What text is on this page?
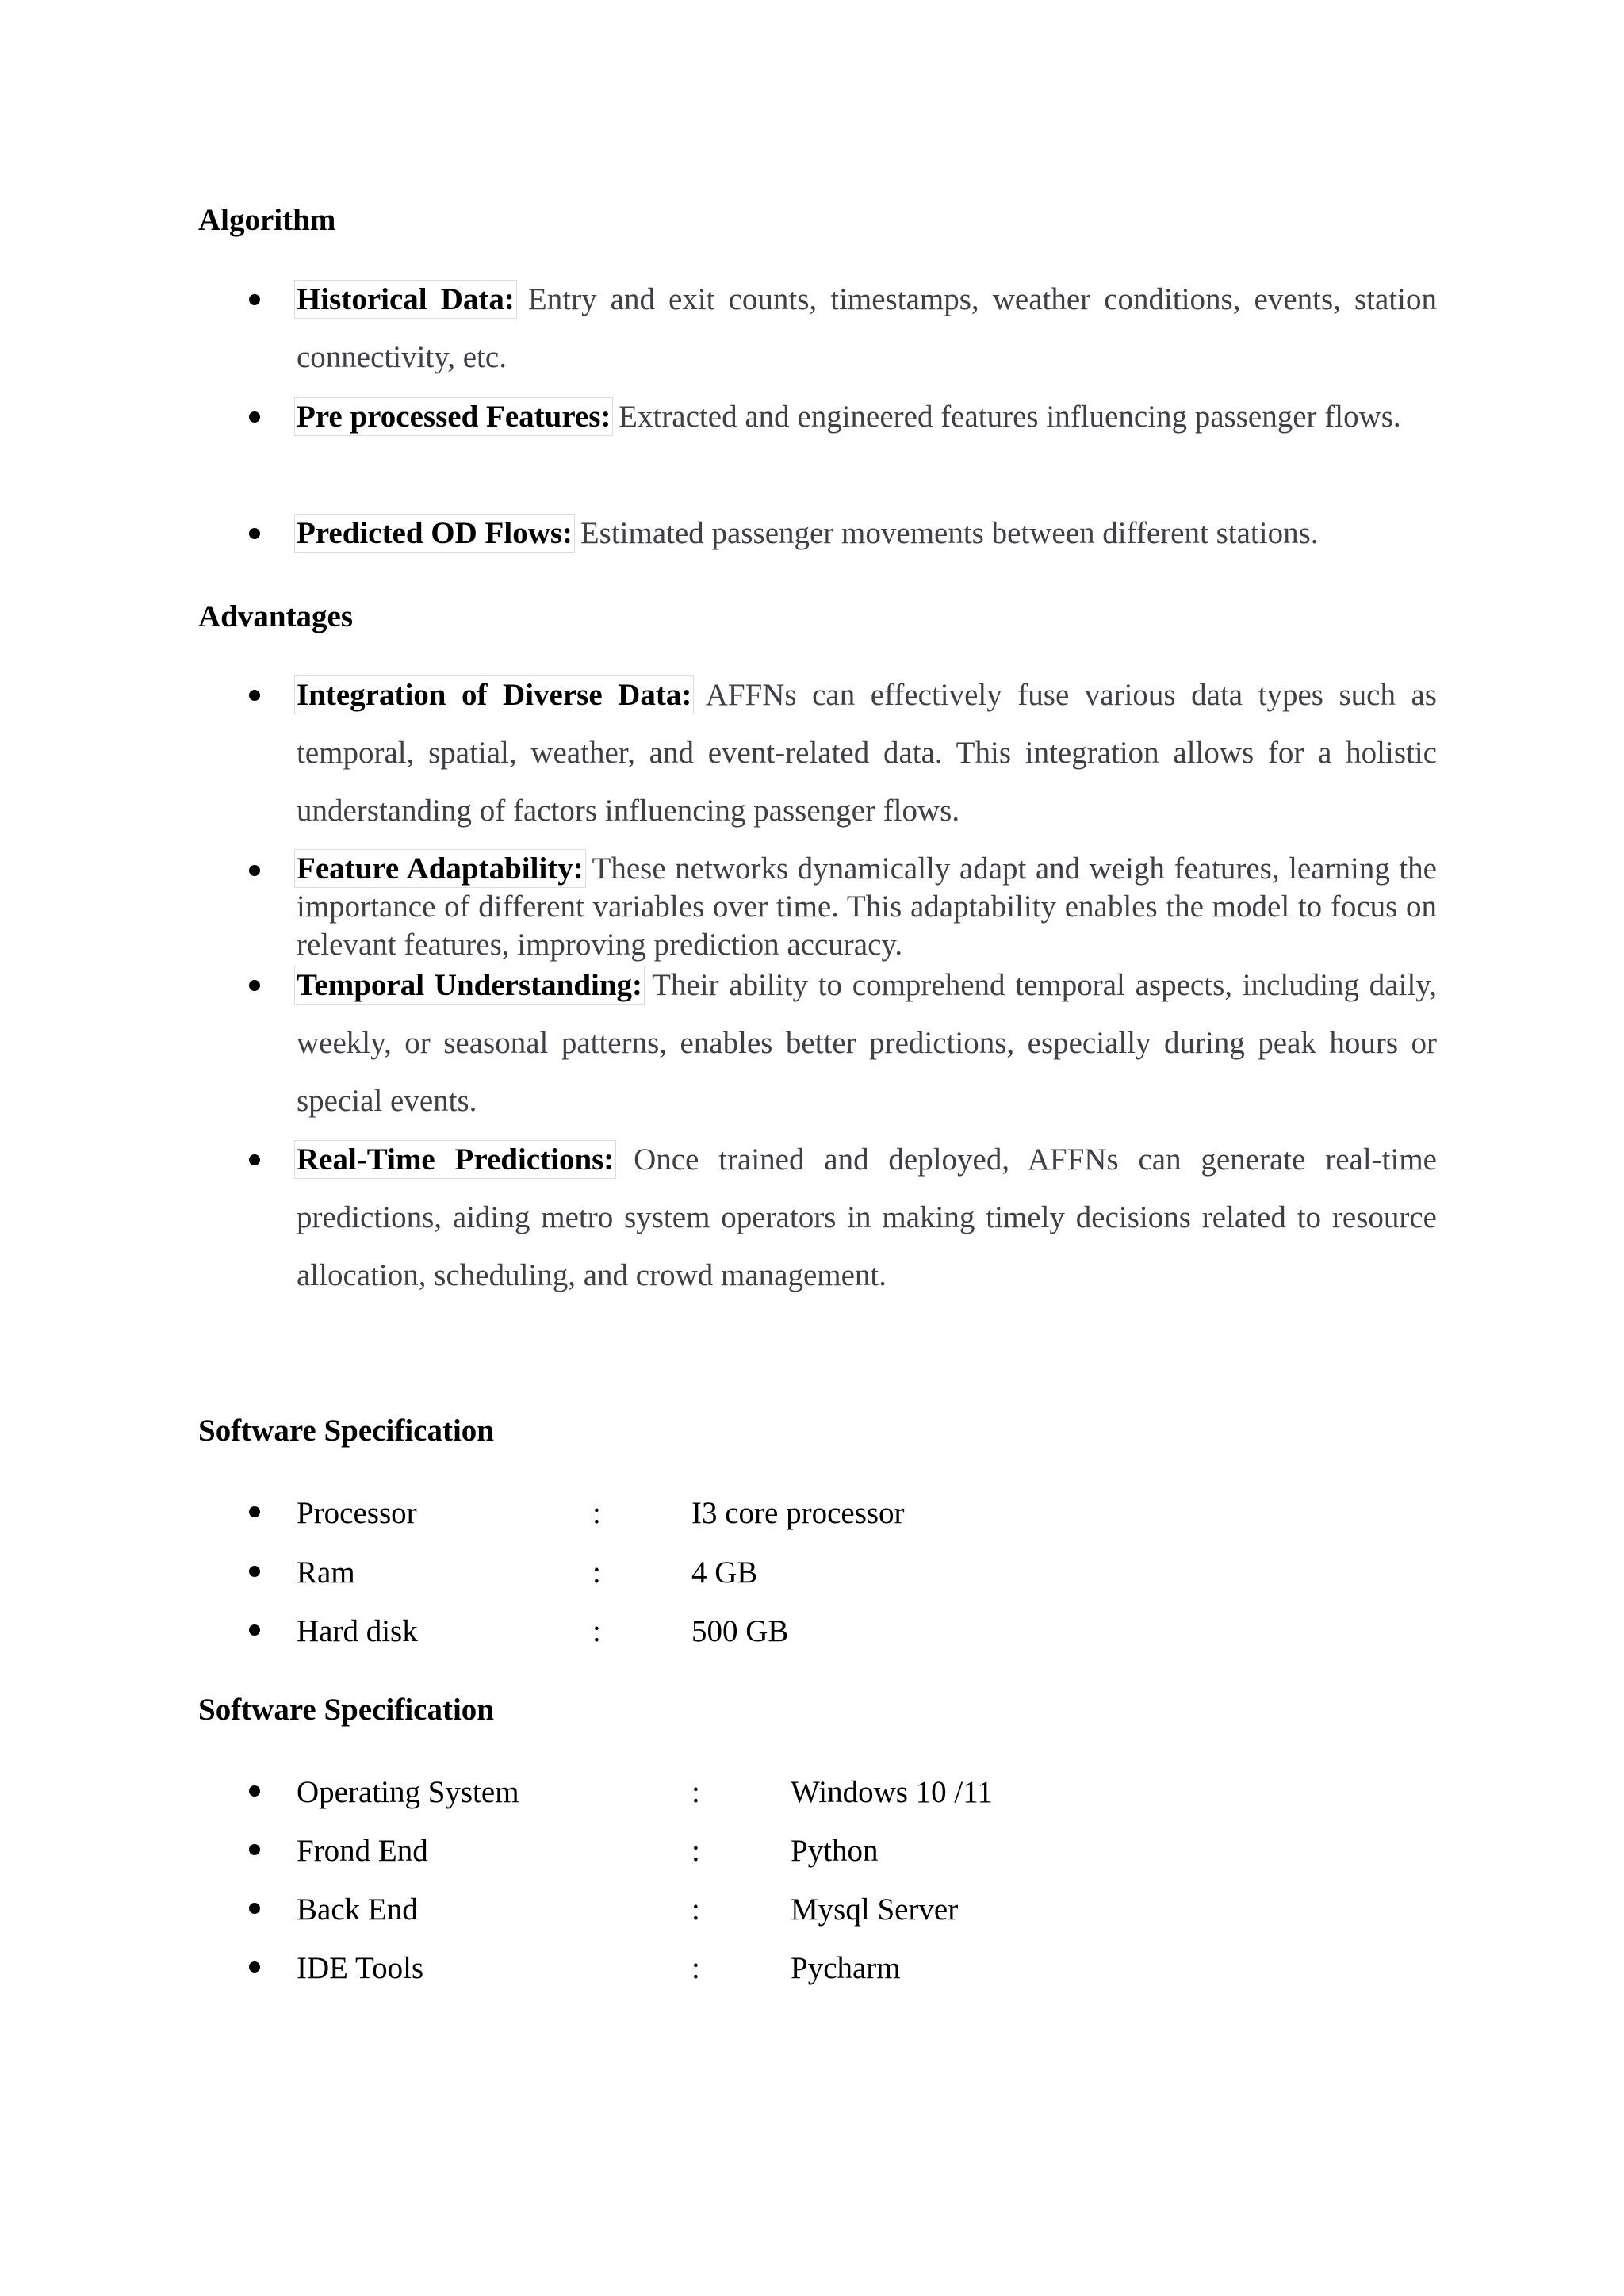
Algorithm

Historical Data: Entry and exit counts, timestamps, weather conditions, events, station connectivity, etc.

Pre processed Features: Extracted and engineered features influencing passenger flows.

Predicted OD Flows: Estimated passenger movements between different stations.

Advantages

Integration of Diverse Data: AFFNs can effectively fuse various data types such as temporal, spatial, weather, and event-related data. This integration allows for a holistic understanding of factors influencing passenger flows.

Feature Adaptability: These networks dynamically adapt and weigh features, learning the importance of different variables over time. This adaptability enables the model to focus on relevant features, improving prediction accuracy.

Temporal Understanding: Their ability to comprehend temporal aspects, including daily, weekly, or seasonal patterns, enables better predictions, especially during peak hours or special events.

Real-Time Predictions: Once trained and deployed, AFFNs can generate real-time predictions, aiding metro system operators in making timely decisions related to resource allocation, scheduling, and crowd management.

Software Specification

Processor	:	I3 core processor

Ram	:	4 GB

Hard disk	:	500 GB

Software Specification

Operating System	:	Windows 10 /11

Frond End	:	Python

Back End	:	Mysql Server

IDE Tools	:	Pycharm
